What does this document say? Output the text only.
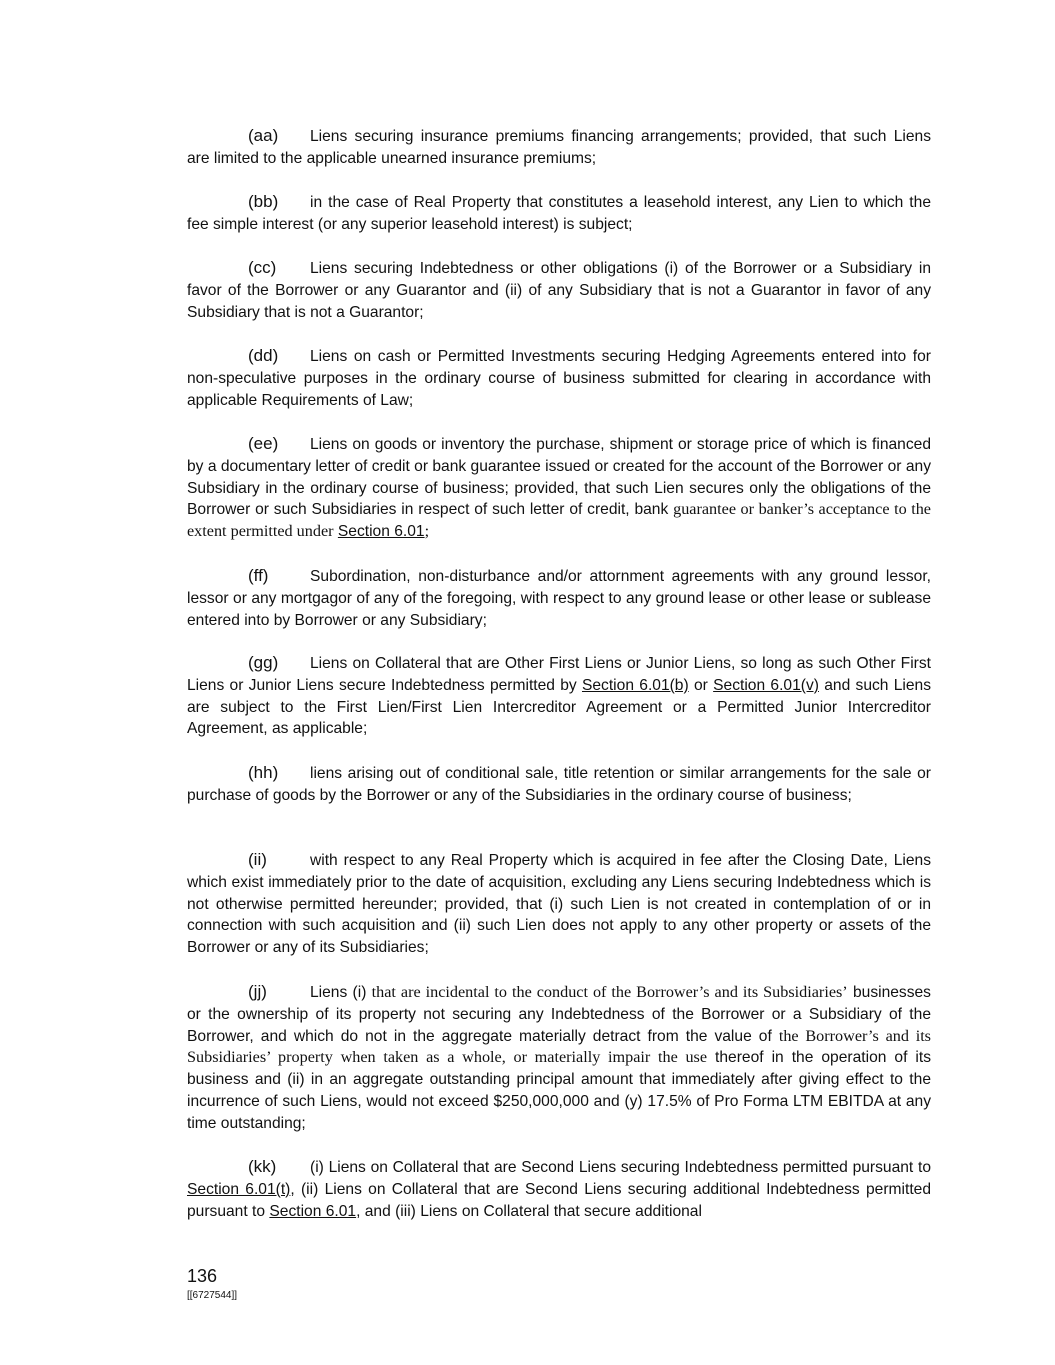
(aa) Liens securing insurance premiums financing arrangements; provided, that such Liens are limited to the applicable unearned insurance premiums;

(bb) in the case of Real Property that constitutes a leasehold interest, any Lien to which the fee simple interest (or any superior leasehold interest) is subject;

(cc) Liens securing Indebtedness or other obligations (i) of the Borrower or a Subsidiary in favor of the Borrower or any Guarantor and (ii) of any Subsidiary that is not a Guarantor in favor of any Subsidiary that is not a Guarantor;

(dd) Liens on cash or Permitted Investments securing Hedging Agreements entered into for non-speculative purposes in the ordinary course of business submitted for clearing in accordance with applicable Requirements of Law;

(ee) Liens on goods or inventory the purchase, shipment or storage price of which is financed by a documentary letter of credit or bank guarantee issued or created for the account of the Borrower or any Subsidiary in the ordinary course of business; provided, that such Lien secures only the obligations of the Borrower or such Subsidiaries in respect of such letter of credit, bank guarantee or banker’s acceptance to the extent permitted under Section 6.01;

(ff)	Subordination, non-disturbance and/or attornment agreements with any ground lessor, lessor or any mortgagor of any of the foregoing, with respect to any ground lease or other lease or sublease entered into by Borrower or any Subsidiary;

(gg) Liens on Collateral that are Other First Liens or Junior Liens, so long as such Other First Liens or Junior Liens secure Indebtedness permitted by Section 6.01(b) or Section 6.01(v) and such Liens are subject to the First Lien/First Lien Intercreditor Agreement or a Permitted Junior Intercreditor Agreement, as applicable;

(hh) liens arising out of conditional sale, title retention or similar arrangements for the sale or purchase of goods by the Borrower or any of the Subsidiaries in the ordinary course of business;

(ii)	with respect to any Real Property which is acquired in fee after the Closing Date, Liens which exist immediately prior to the date of acquisition, excluding any Liens securing Indebtedness which is not otherwise permitted hereunder; provided, that (i) such Lien is not created in contemplation of or in connection with such acquisition and (ii) such Lien does not apply to any other property or assets of the Borrower or any of its Subsidiaries;

(jj)	Liens (i) that are incidental to the conduct of the Borrower’s and its Subsidiaries’ businesses or the ownership of its property not securing any Indebtedness of the Borrower or a Subsidiary of the Borrower, and which do not in the aggregate materially detract from the value of the Borrower’s and its Subsidiaries’ property when taken as a whole, or materially impair the use thereof in the operation of its business and (ii) in an aggregate outstanding principal amount that immediately after giving effect to the incurrence of such Liens, would not exceed $250,000,000 and (y) 17.5% of Pro Forma LTM EBITDA at any time outstanding;

(kk) (i) Liens on Collateral that are Second Liens securing Indebtedness permitted pursuant to Section 6.01(t), (ii) Liens on Collateral that are Second Liens securing additional Indebtedness permitted pursuant to Section 6.01, and (iii) Liens on Collateral that secure additional

136
[[6727544]]
